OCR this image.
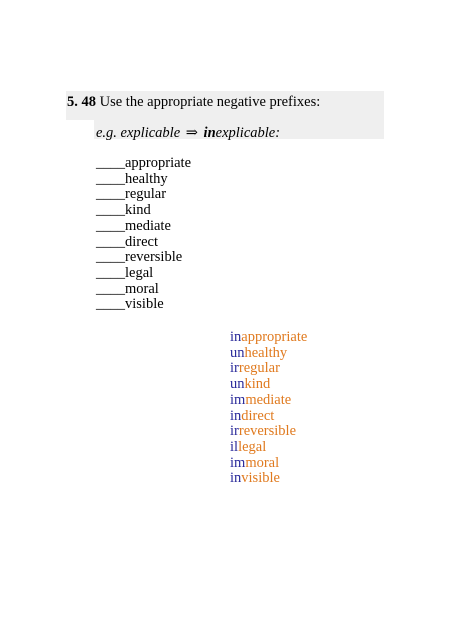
5. 48 Use the appropriate negative prefixes:
e.g. explicable ⇒ inexplicable:
____appropriate
____healthy
____regular
____kind
____mediate
____direct
____reversible
____legal
____moral
____visible
inappropriate
unhealthy
irregular
unkind
immediate
indirect
irreversible
illegal
immoral
invisible
